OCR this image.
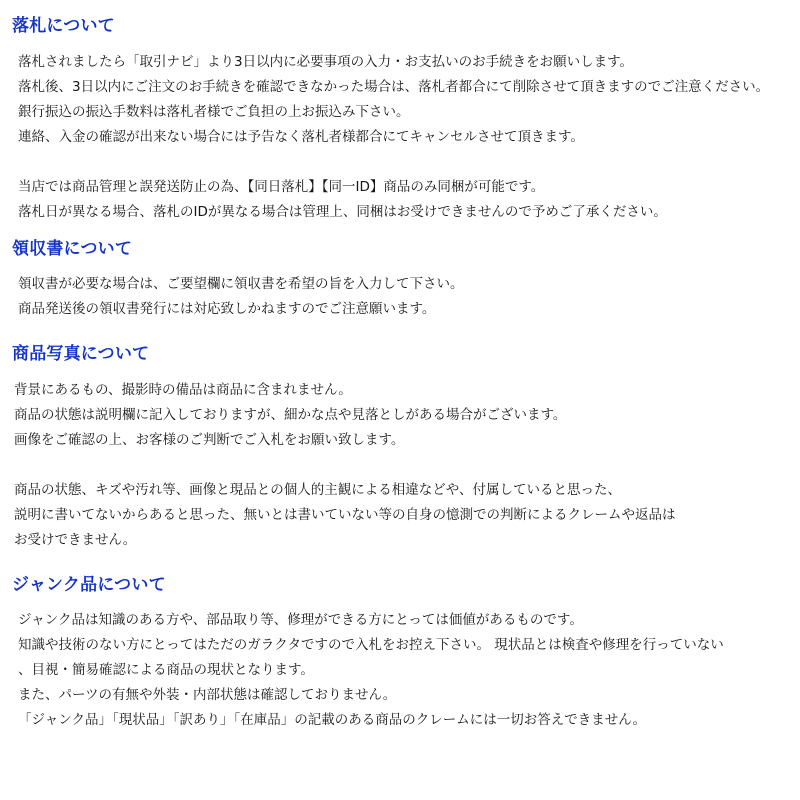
落札について
落札されましたら「取引ナビ」より3日以内に必要事項の入力・お支払いのお手続きをお願いします。
落札後、3日以内にご注文のお手続きを確認できなかった場合は、落札者都合にて削除させて頂きますのでご注意ください。
銀行振込の振込手数料は落札者様でご負担の上お振込み下さい。
連絡、入金の確認が出来ない場合には予告なく落札者様都合にてキャンセルさせて頂きます。
当店では商品管理と誤発送防止の為、【同日落札】【同一ID】商品のみ同梱が可能です。
落札日が異なる場合、落札のIDが異なる場合は管理上、同梱はお受けできませんので予めご了承ください。
領収書について
領収書が必要な場合は、ご要望欄に領収書を希望の旨を入力して下さい。
商品発送後の領収書発行には対応致しかねますのでご注意願います。
商品写真について
背景にあるもの、撮影時の備品は商品に含まれません。
商品の状態は説明欄に記入しておりますが、細かな点や見落としがある場合がございます。
画像をご確認の上、お客様のご判断でご入札をお願い致します。
商品の状態、キズや汚れ等、画像と現品との個人的主観による相違などや、付属していると思った、
説明に書いてないからあると思った、無いとは書いていない等の自身の憶測での判断によるクレームや返品は
お受けできません。
ジャンク品について
ジャンク品は知識のある方や、部品取り等、修理ができる方にとっては価値があるものです。
知識や技術のない方にとってはただのガラクタですので入札をお控え下さい。 現状品とは検査や修理を行っていない
、目視・簡易確認による商品の現状となります。
また、パーツの有無や外装・内部状態は確認しておりません。
「ジャンク品」「現状品」「訳あり」「在庫品」の記載のある商品のクレームには一切お答えできません。
